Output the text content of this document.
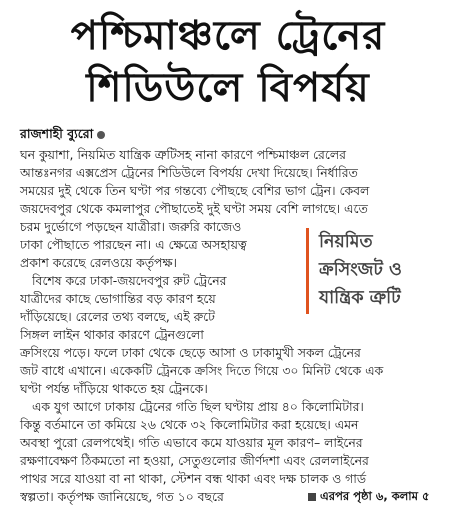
পশ্চিমাঞ্চলে ট্রেনের
শিডিউলে বিপর্যয়
রাজশাহী ব্যুরো
ঘন কুয়াশা, নিয়মিত যান্ত্রিক ত্রুটিসহ নানা কারণে পশ্চিমাঞ্চল রেলের
আন্তঃনগর এক্সপ্রেস ট্রেনের শিডিউলে বিপর্যয় দেখা দিয়েছে। নির্ধারিত
সময়ের দুই থেকে তিন ঘণ্টা পর গন্তব্যে পৌছছে বেশির ভাগ ট্রেন। কেবল
জয়দেবপুর থেকে কমলাপুর পৌছাতেই দুই ঘণ্টা সময় বেশি লাগছে। এতে
চরম দুর্ভোগে পড়ছেন যাত্রীরা। জরুরি কাজেও
ঢাকা পৌছাতে পারছেন না। এ ক্ষেত্রে অসহায়ত্ব
প্রকাশ করেছে রেলওয়ে কর্তৃপক্ষ।
বিশেষ করে ঢাকা-জয়দেবপুর রুট ট্রেনের
যাত্রীদের কাছে ভোগান্তির বড় কারণ হয়ে
দাঁড়িয়েছে। রেলের তথ্য বলছে, এই রুটে
সিঙ্গল লাইন থাকার কারণে ট্রেনগুলো
ক্রসিংয়ে পড়ে। ফলে ঢাকা থেকে ছেড়ে আসা ও ঢাকামুখী সকল ট্রেনের
জট বাধে এখানে। একেকটি ট্রেনকে ক্রসিং দিতে গিয়ে ৩০ মিনিট থেকে এক
ঘণ্টা পর্যন্ত দাঁড়িয়ে থাকতে হয় ট্রেনকে।
এক যুগ আগে ঢাকায় ট্রেনের গতি ছিল ঘণ্টায় প্রায় ৪০ কিলোমিটার।
কিন্তু বর্তমানে তা কমিয়ে ২৬ থেকে ৩২ কিলোমিটার করা হয়েছে। এমন
অবস্থা পুরো রেলপথেই। গতি এভাবে কমে যাওয়ার মূল কারণ– লাইনের
রক্ষণাবেক্ষণ ঠিকমতো না হওয়া, সেতুগুলোর জীর্ণদশা এবং রেললাইনের
পাথর সরে যাওয়া বা না থাকা, স্টেশন বন্ধ থাকা এবং দক্ষ চালক ও গার্ড
স্বল্পতা। কর্তৃপক্ষ জানিয়েছে, গত ১০ বছরে
নিয়মিত
ক্রসিংজট ও
যান্ত্রিক ত্রুটি
এরপর পৃষ্ঠা ৬, কলাম ৫
